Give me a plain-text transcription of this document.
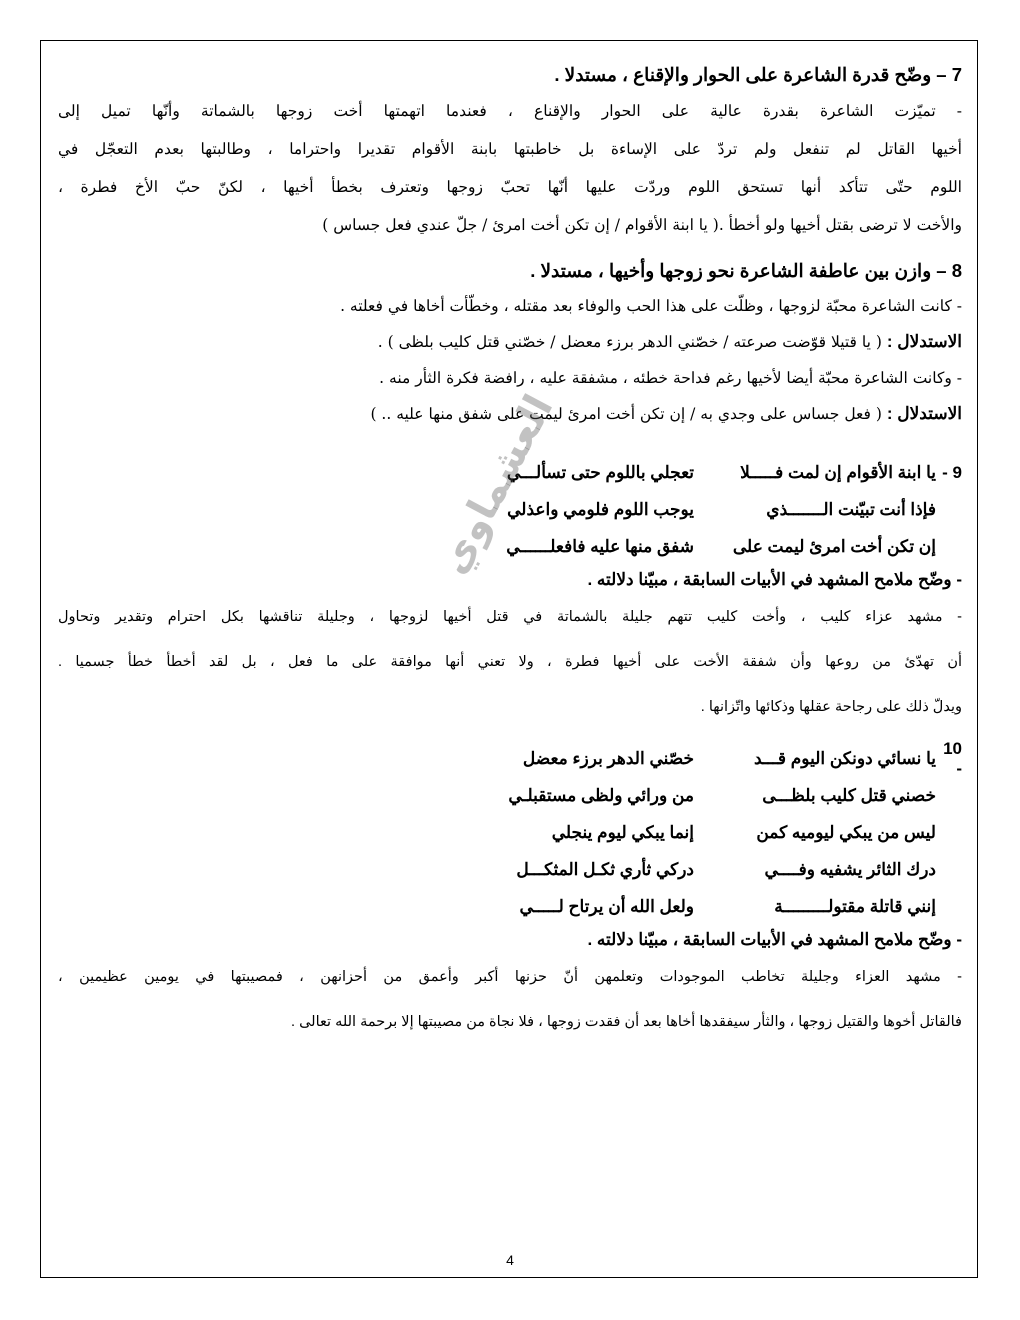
7 – وضّح قدرة الشاعرة على الحوار والإقناع ، مستدلا .

- تميّزت الشاعرة بقدرة عالية على الحوار والإقناع ، فعندما اتهمتها أخت زوجها بالشماتة وأنّها تميل إلى

أخيها القاتل لم تنفعل ولم تردّ على الإساءة بل خاطبتها بابنة الأقوام تقديرا واحتراما ، وطالبتها بعدم التعجّل في

اللوم حتّى تتأكد أنها تستحق اللوم وردّت عليها أنّها تحبّ زوجها وتعترف بخطأ أخيها ، لكنّ حبّ الأخ فطرة ،

والأخت لا ترضى بقتل أخيها ولو أخطأ .( يا ابنة الأقوام / إن تكن أخت امرئ / جلّ عندي فعل جساس )

8 – وازن بين عاطفة الشاعرة نحو زوجها وأخيها ، مستدلا .

- كانت الشاعرة محبّة لزوجها ، وظلّت على هذا الحب والوفاء بعد مقتله ، وخطّأت أخاها في فعلته .

الاستدلال : ( يا قتيلا قوّضت صرعته / خصّني الدهر برزء معضل / خصّني قتل كليب بلظى ) .

- وكانت الشاعرة محبّة أيضا لأخيها رغم فداحة خطئه ، مشفقة عليه ، رافضة فكرة الثأر منه .

الاستدلال : ( فعل جساس على وجدي به / إن تكن أخت امرئ ليمت على شفق منها عليه .. )

9 -
يا ابنة الأقوام إن لمت فـــــلا
تعجلي باللوم حتى تسألـــي
فإذا أنت تبيّنت الـــــــذي
يوجب اللوم فلومي واعذلي
إن تكن أخت امرئ ليمت على
شفق منها عليه فافعلــــــي

- وضّح ملامح المشهد في الأبيات السابقة ، مبيّنا دلالته .

- مشهد عزاء كليب ، وأخت كليب تتهم جليلة بالشماتة في قتل أخيها لزوجها ، وجليلة تناقشها بكل احترام وتقدير وتحاول

أن تهدّئ من روعها وأن شفقة الأخت على أخيها فطرة ، ولا تعني أنها موافقة على ما فعل ، بل لقد أخطأ خطأ جسميا .

ويدلّ ذلك على رجاحة عقلها وذكائها واتّزانها .

10 -
يا نسائي دونكن اليوم قـــد
خصّني الدهر برزء معضل
خصني قتل كليب بلظـــى
من ورائي ولظى مستقبلـي
ليس من يبكي ليوميه كمن
إنما يبكي ليوم ينجلي
درك الثائر يشفيه وفــــي
دركي ثأري ثكـل المثكـــل
إنني قاتلة مقتولـــــــــة
ولعل الله أن يرتاح لـــــي

- وضّح ملامح المشهد في الأبيات السابقة ، مبيّنا دلالته .

- مشهد العزاء وجليلة تخاطب الموجودات وتعلمهن أنّ حزنها أكبر وأعمق من أحزانهن ، فمصيبتها في يومين عظيمين ،

فالقاتل أخوها والقتيل زوجها ، والثأر سيفقدها أخاها بعد أن فقدت زوجها ، فلا نجاة من مصيبتها إلا برحمة الله تعالى .

العشماوي
4
